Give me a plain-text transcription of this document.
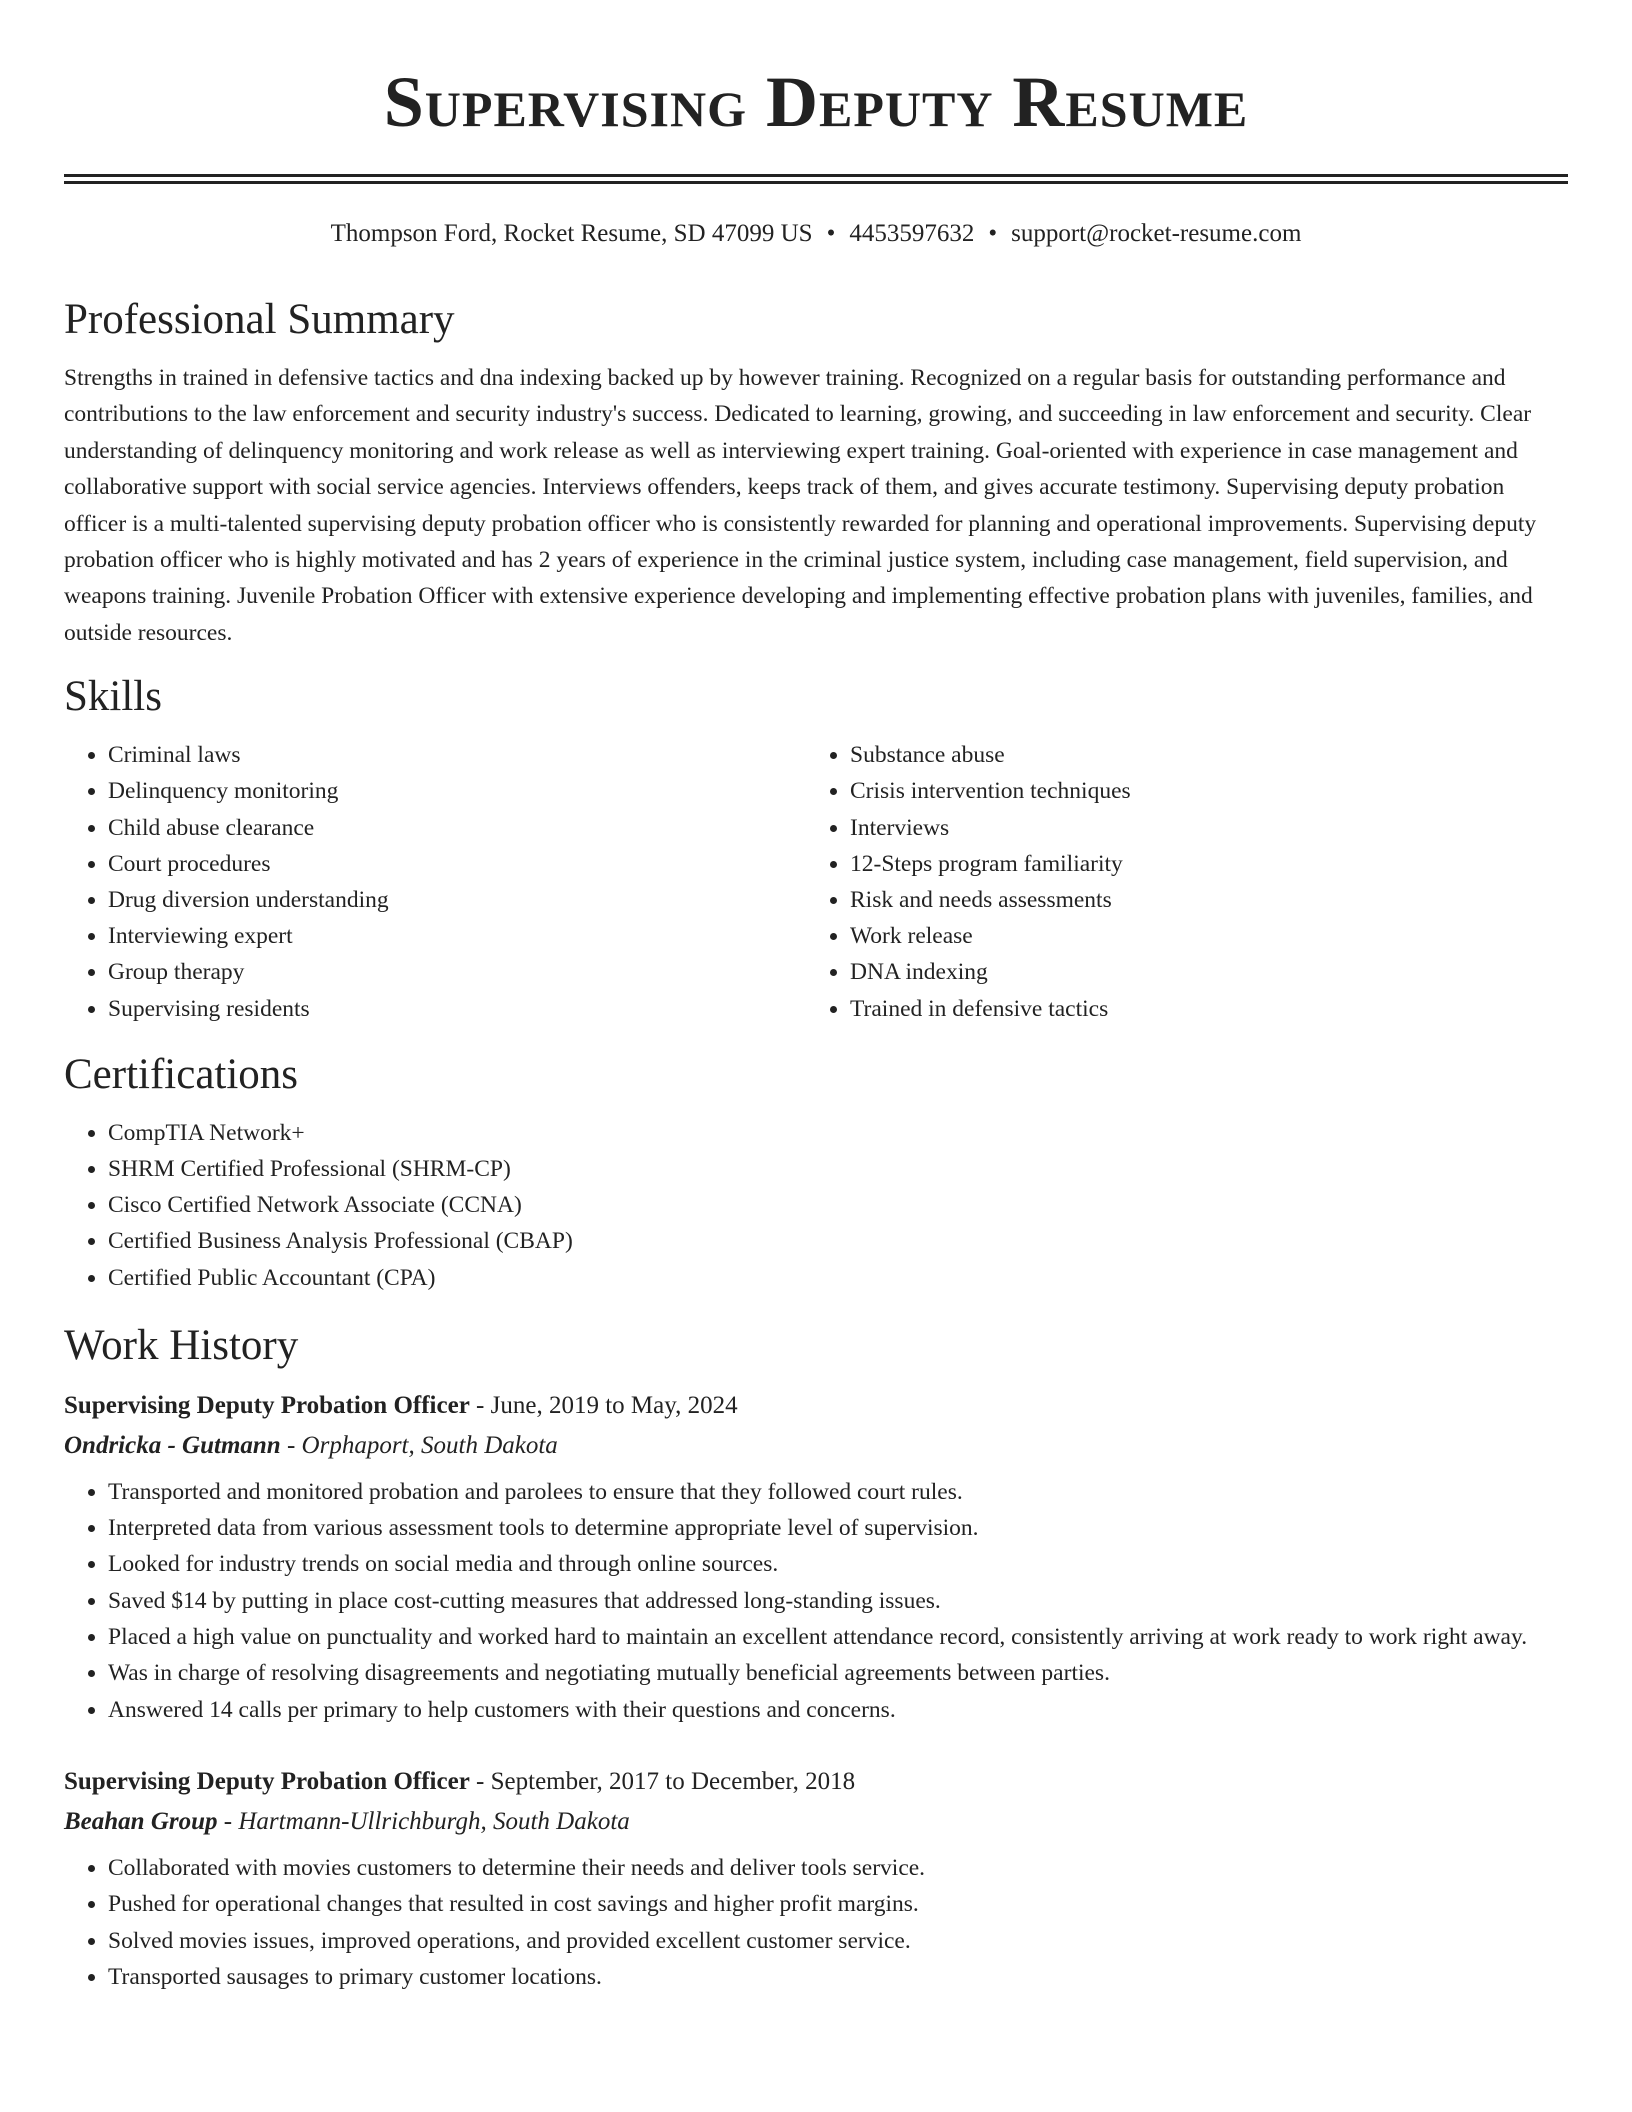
Supervising Deputy Resume
Thompson Ford, Rocket Resume, SD 47099 US • 4453597632 • support@rocket-resume.com
Professional Summary

Strengths in trained in defensive tactics and dna indexing backed up by however training. Recognized on a regular basis for outstanding performance and contributions to the law enforcement and security industry's success. Dedicated to learning, growing, and succeeding in law enforcement and security. Clear understanding of delinquency monitoring and work release as well as interviewing expert training. Goal-oriented with experience in case management and collaborative support with social service agencies. Interviews offenders, keeps track of them, and gives accurate testimony. Supervising deputy probation officer is a multi-talented supervising deputy probation officer who is consistently rewarded for planning and operational improvements. Supervising deputy probation officer who is highly motivated and has 2 years of experience in the criminal justice system, including case management, field supervision, and weapons training. Juvenile Probation Officer with extensive experience developing and implementing effective probation plans with juveniles, families, and outside resources.

Skills
• Criminal laws
• Delinquency monitoring
• Child abuse clearance
• Court procedures
• Drug diversion understanding
• Interviewing expert
• Group therapy
• Supervising residents
• Substance abuse
• Crisis intervention techniques
• Interviews
• 12-Steps program familiarity
• Risk and needs assessments
• Work release
• DNA indexing
• Trained in defensive tactics
Certifications
• CompTIA Network+
• SHRM Certified Professional (SHRM-CP)
• Cisco Certified Network Associate (CCNA)
• Certified Business Analysis Professional (CBAP)
• Certified Public Accountant (CPA)
Work History

Supervising Deputy Probation Officer - June, 2019 to May, 2024

Ondricka - Gutmann - Orphaport, South Dakota

• Transported and monitored probation and parolees to ensure that they followed court rules.
• Interpreted data from various assessment tools to determine appropriate level of supervision.
• Looked for industry trends on social media and through online sources.
• Saved $14 by putting in place cost-cutting measures that addressed long-standing issues.
• Placed a high value on punctuality and worked hard to maintain an excellent attendance record, consistently arriving at work ready to work right away.
• Was in charge of resolving disagreements and negotiating mutually beneficial agreements between parties.
• Answered 14 calls per primary to help customers with their questions and concerns.

Supervising Deputy Probation Officer - September, 2017 to December, 2018

Beahan Group - Hartmann-Ullrichburgh, South Dakota

• Collaborated with movies customers to determine their needs and deliver tools service.
• Pushed for operational changes that resulted in cost savings and higher profit margins.
• Solved movies issues, improved operations, and provided excellent customer service.
• Transported sausages to primary customer locations.
